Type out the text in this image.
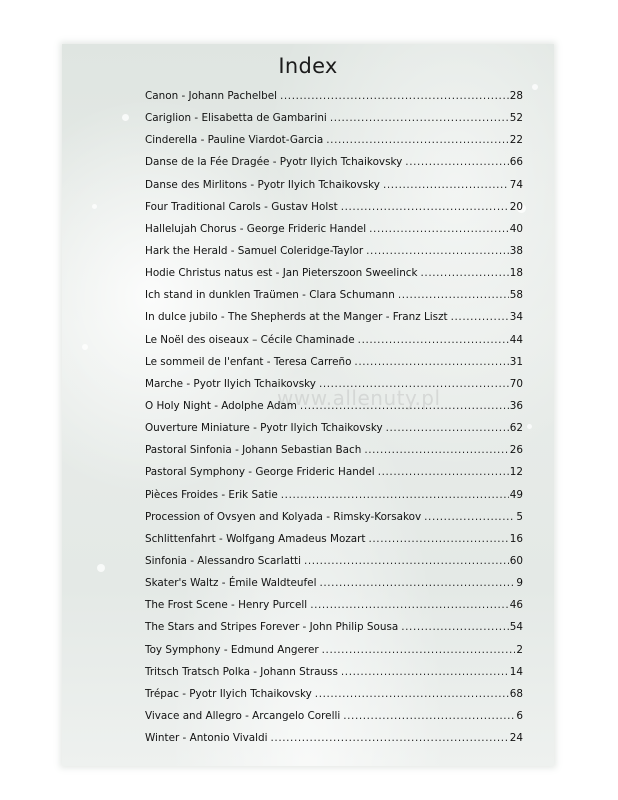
Index
www.allenuty.pl
Canon - Johann Pachelbel .....	28
Cariglion - Elisabetta de Gambarini .....	52
Cinderella - Pauline Viardot-Garcia .....	22
Danse de la Fée Dragée - Pyotr Ilyich Tchaikovsky .....	66
Danse des Mirlitons - Pyotr Ilyich Tchaikovsky .....	74
Four Traditional Carols - Gustav Holst .....	20
Hallelujah Chorus - George Frideric Handel .....	40
Hark the Herald - Samuel Coleridge-Taylor .....	38
Hodie Christus natus est - Jan Pieterszoon Sweelinck .....	18
Ich stand in dunklen Traümen - Clara Schumann .....	58
In dulce jubilo - The Shepherds at the Manger - Franz Liszt .....	34
Le Noël des oiseaux – Cécile Chaminade .....	44
Le sommeil de l'enfant - Teresa Carreño .....	31
Marche - Pyotr Ilyich Tchaikovsky .....	70
O Holy Night - Adolphe Adam .....	36
Ouverture Miniature - Pyotr Ilyich Tchaikovsky .....	62
Pastoral Sinfonia - Johann Sebastian Bach .....	26
Pastoral Symphony - George Frideric Handel .....	12
Pièces Froides - Erik Satie .....	49
Procession of Ovsyen and Kolyada - Rimsky-Korsakov .....	5
Schlittenfahrt - Wolfgang Amadeus Mozart .....	16
Sinfonia - Alessandro Scarlatti .....	60
Skater's Waltz - Émile Waldteufel .....	9
The Frost Scene - Henry Purcell .....	46
The Stars and Stripes Forever - John Philip Sousa .....	54
Toy Symphony - Edmund Angerer .....	2
Tritsch Tratsch Polka - Johann Strauss .....	14
Trépac - Pyotr Ilyich Tchaikovsky .....	68
Vivace and Allegro - Arcangelo Corelli .....	6
Winter - Antonio Vivaldi .....	24
